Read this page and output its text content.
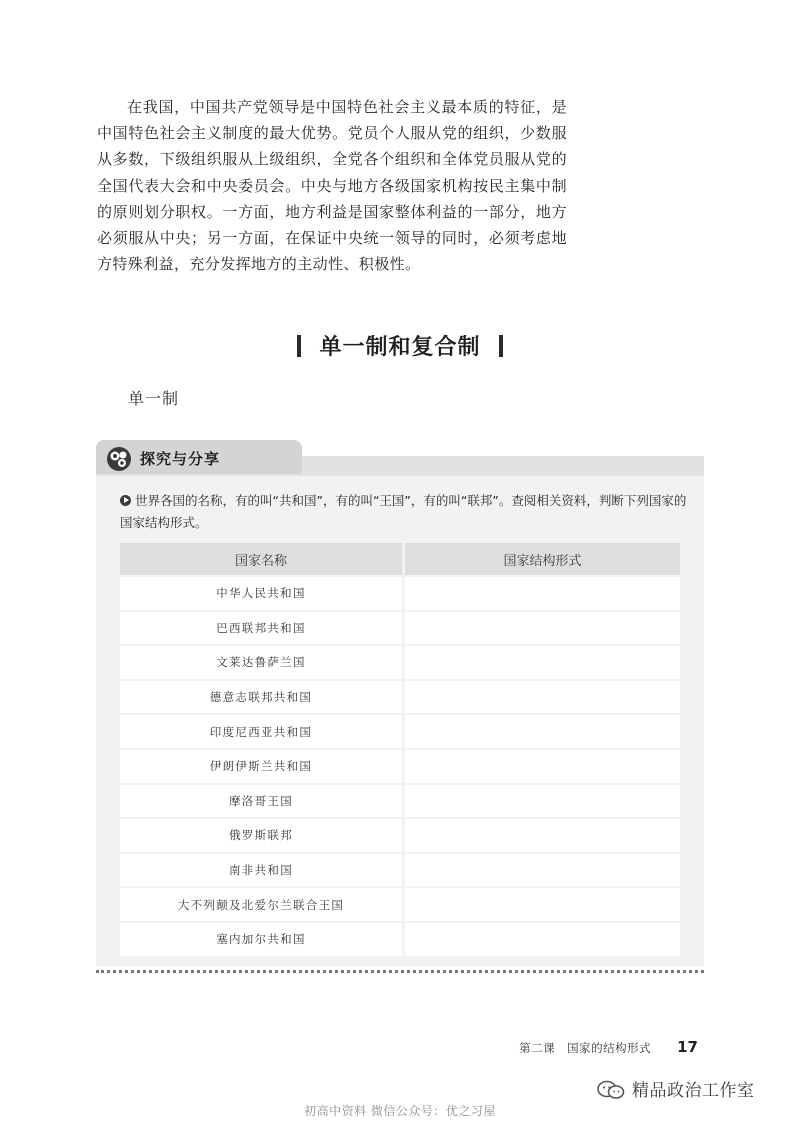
在我国，中国共产党领导是中国特色社会主义最本质的特征，是中国特色社会主义制度的最大优势。党员个人服从党的组织，少数服从多数，下级组织服从上级组织，全党各个组织和全体党员服从党的全国代表大会和中央委员会。中央与地方各级国家机构按民主集中制的原则划分职权。一方面，地方利益是国家整体利益的一部分，地方必须服从中央；另一方面，在保证中央统一领导的同时，必须考虑地方特殊利益，充分发挥地方的主动性、积极性。

单一制和复合制
单一制
探究与分享

世界各国的名称，有的叫“共和国”，有的叫“王国”，有的叫“联邦”。查阅相关资料，判断下列国家的国家结构形式。

国家名称	国家结构形式
中华人民共和国	
巴西联邦共和国	
文莱达鲁萨兰国	
德意志联邦共和国	
印度尼西亚共和国	
伊朗伊斯兰共和国	
摩洛哥王国	
俄罗斯联邦	
南非共和国	
大不列颠及北爱尔兰联合王国	
塞内加尔共和国	
第二课 国家的结构形式 17
精品政治工作室
初高中资料 微信公众号：优之习屋
